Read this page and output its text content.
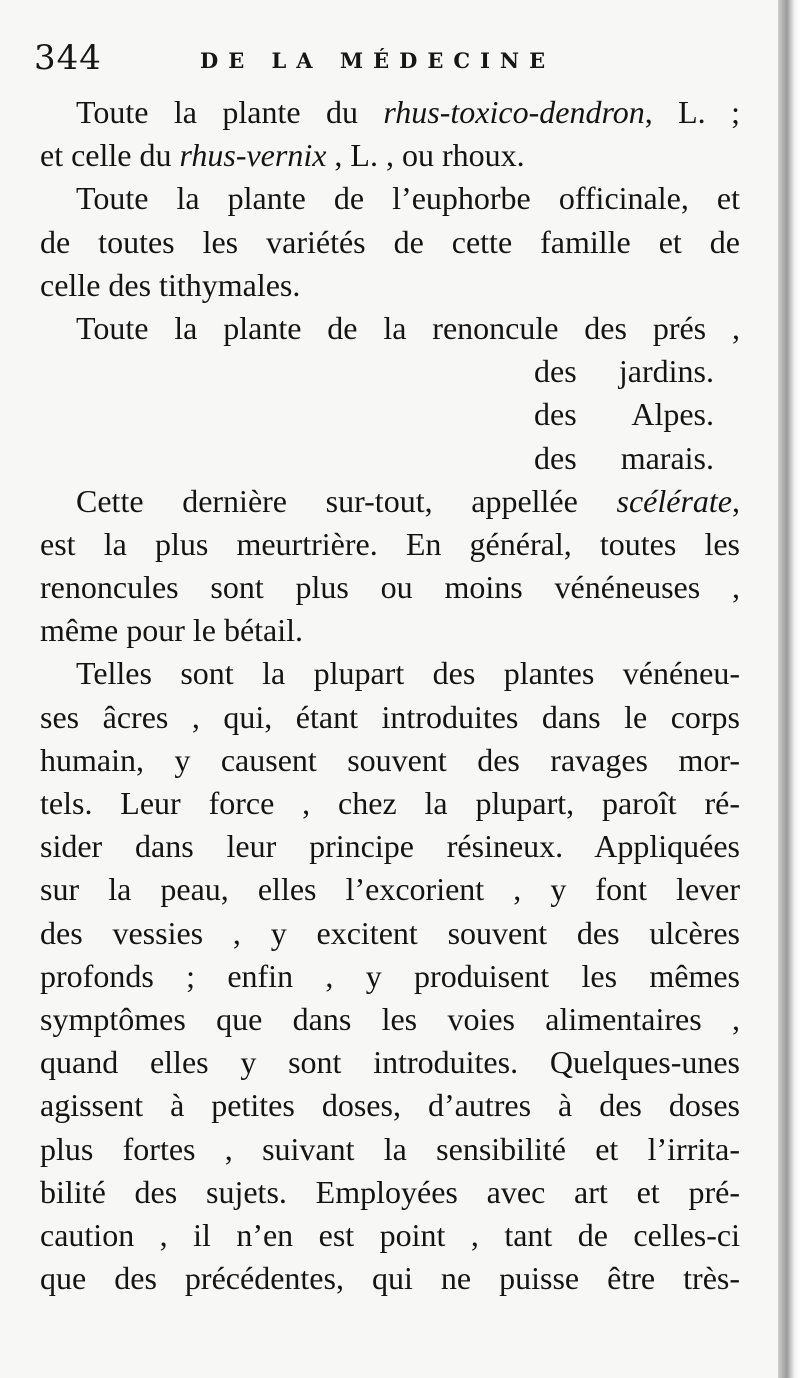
344	DE LA MÉDECINE
Toute la plante du rhus-toxico-dendron, L. ;
et celle du rhus-vernix , L. , ou rhoux.
Toute la plante de l’euphorbe officinale, et
de toutes les variétés de cette famille et de
celle des tithymales.
Toute la plante de la renoncule des prés ,
des jardins.
des Alpes.
des marais.
Cette dernière sur-tout, appellée scélérate,
est la plus meurtrière. En général, toutes les
renoncules sont plus ou moins vénéneuses ,
même pour le bétail.
Telles sont la plupart des plantes vénéneu-
ses âcres , qui, étant introduites dans le corps
humain, y causent souvent des ravages mor-
tels. Leur force , chez la plupart, paroît ré-
sider dans leur principe résineux. Appliquées
sur la peau, elles l’excorient , y font lever
des vessies , y excitent souvent des ulcères
profonds ; enfin , y produisent les mêmes
symptômes que dans les voies alimentaires ,
quand elles y sont introduites. Quelques-unes
agissent à petites doses, d’autres à des doses
plus fortes , suivant la sensibilité et l’irrita-
bilité des sujets. Employées avec art et pré-
caution , il n’en est point , tant de celles-ci
que des précédentes, qui ne puisse être très-
